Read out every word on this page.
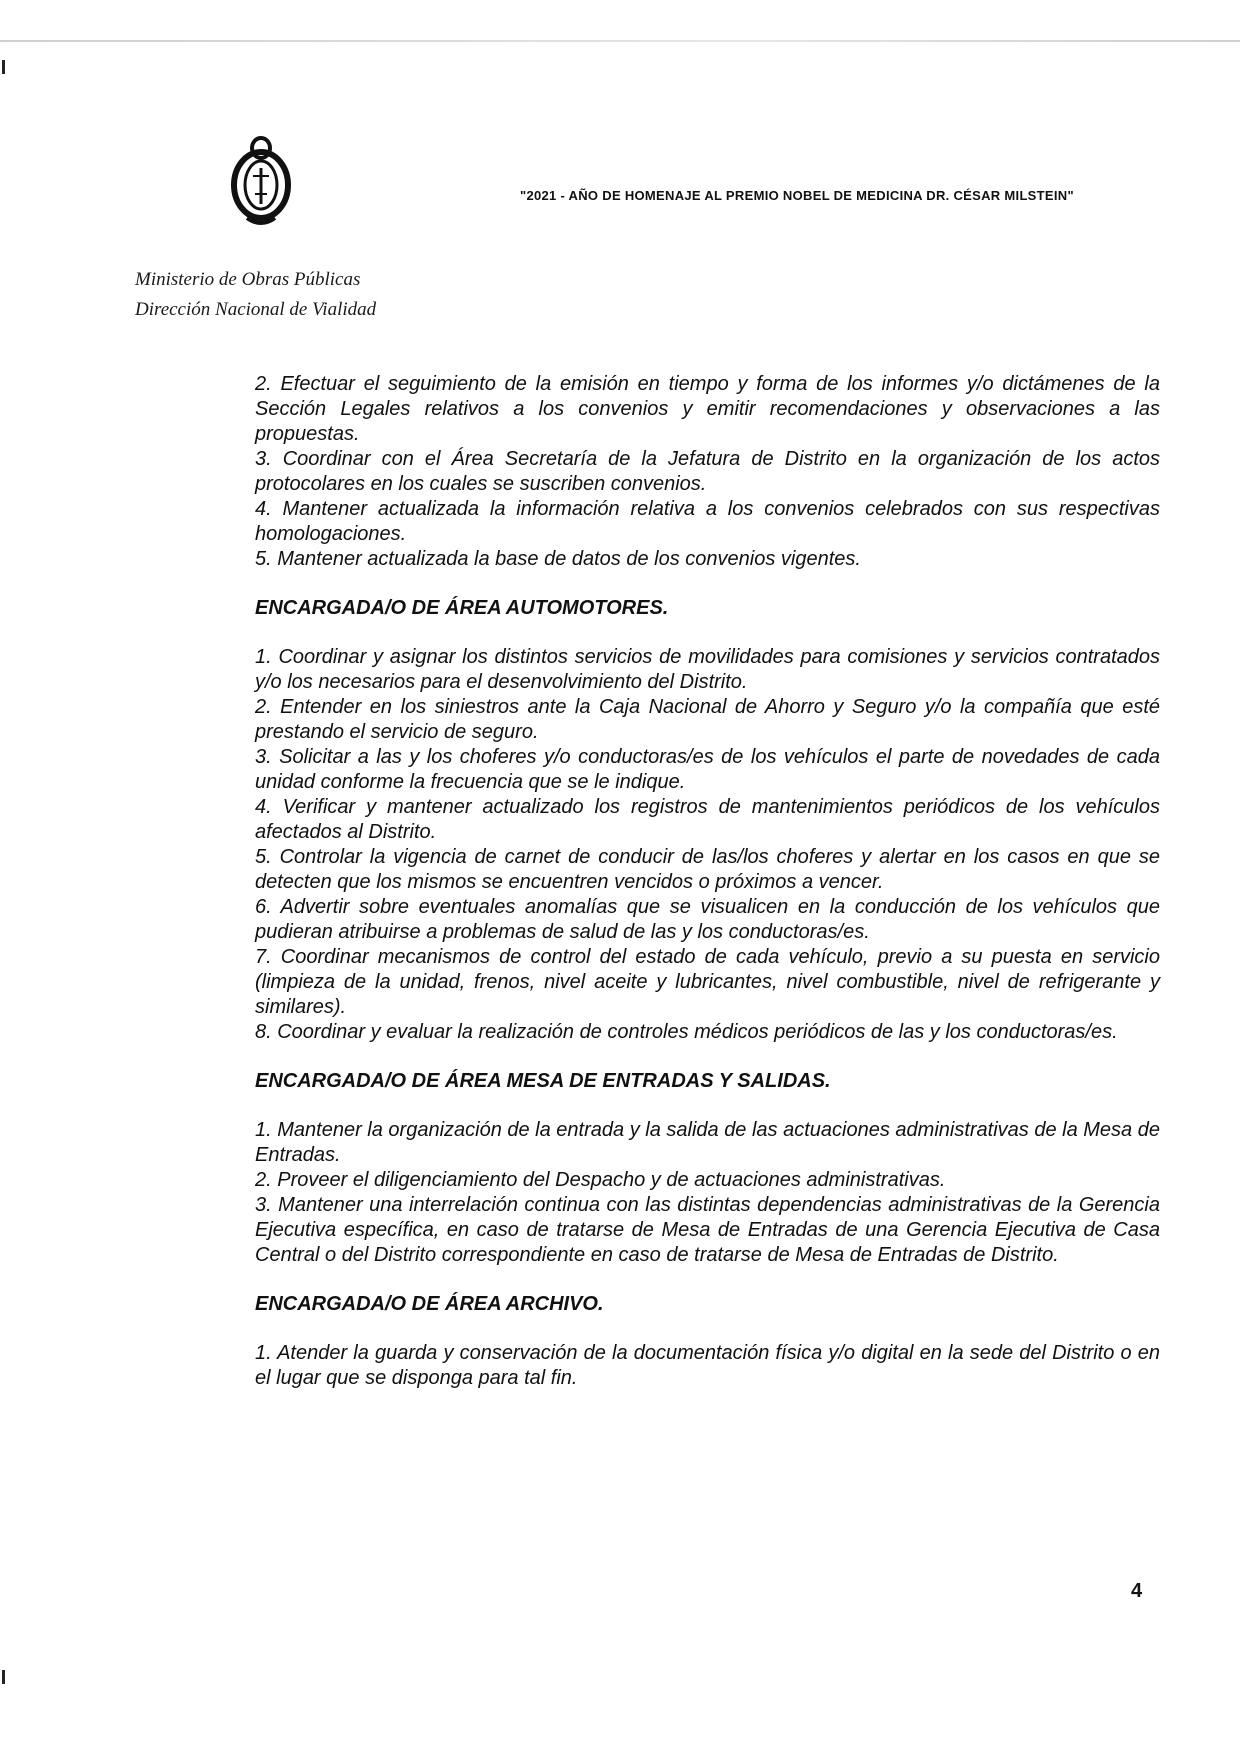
"2021 - AÑO DE HOMENAJE AL PREMIO NOBEL DE MEDICINA DR. CÉSAR MILSTEIN"
Ministerio de Obras Públicas
Dirección Nacional de Vialidad

2. Efectuar el seguimiento de la emisión en tiempo y forma de los informes y/o dictámenes de la Sección Legales relativos a los convenios y emitir recomendaciones y observaciones a las propuestas.

3. Coordinar con el Área Secretaría de la Jefatura de Distrito en la organización de los actos protocolares en los cuales se suscriben convenios.

4. Mantener actualizada la información relativa a los convenios celebrados con sus respectivas homologaciones.

5. Mantener actualizada la base de datos de los convenios vigentes.

ENCARGADA/O DE ÁREA AUTOMOTORES.

1. Coordinar y asignar los distintos servicios de movilidades para comisiones y servicios contratados y/o los necesarios para el desenvolvimiento del Distrito.

2. Entender en los siniestros ante la Caja Nacional de Ahorro y Seguro y/o la compañía que esté prestando el servicio de seguro.

3. Solicitar a las y los choferes y/o conductoras/es de los vehículos el parte de novedades de cada unidad conforme la frecuencia que se le indique.

4. Verificar y mantener actualizado los registros de mantenimientos periódicos de los vehículos afectados al Distrito.

5. Controlar la vigencia de carnet de conducir de las/los choferes y alertar en los casos en que se detecten que los mismos se encuentren vencidos o próximos a vencer.

6. Advertir sobre eventuales anomalías que se visualicen en la conducción de los vehículos que pudieran atribuirse a problemas de salud de las y los conductoras/es.

7. Coordinar mecanismos de control del estado de cada vehículo, previo a su puesta en servicio (limpieza de la unidad, frenos, nivel aceite y lubricantes, nivel combustible, nivel de refrigerante y similares).

8. Coordinar y evaluar la realización de controles médicos periódicos de las y los conductoras/es.

ENCARGADA/O DE ÁREA MESA DE ENTRADAS Y SALIDAS.

1. Mantener la organización de la entrada y la salida de las actuaciones administrativas de la Mesa de Entradas.

2. Proveer el diligenciamiento del Despacho y de actuaciones administrativas.

3. Mantener una interrelación continua con las distintas dependencias administrativas de la Gerencia Ejecutiva específica, en caso de tratarse de Mesa de Entradas de una Gerencia Ejecutiva de Casa Central o del Distrito correspondiente en caso de tratarse de Mesa de Entradas de Distrito.

ENCARGADA/O DE ÁREA ARCHIVO.

1. Atender la guarda y conservación de la documentación física y/o digital en la sede del Distrito o en el lugar que se disponga para tal fin.

4
